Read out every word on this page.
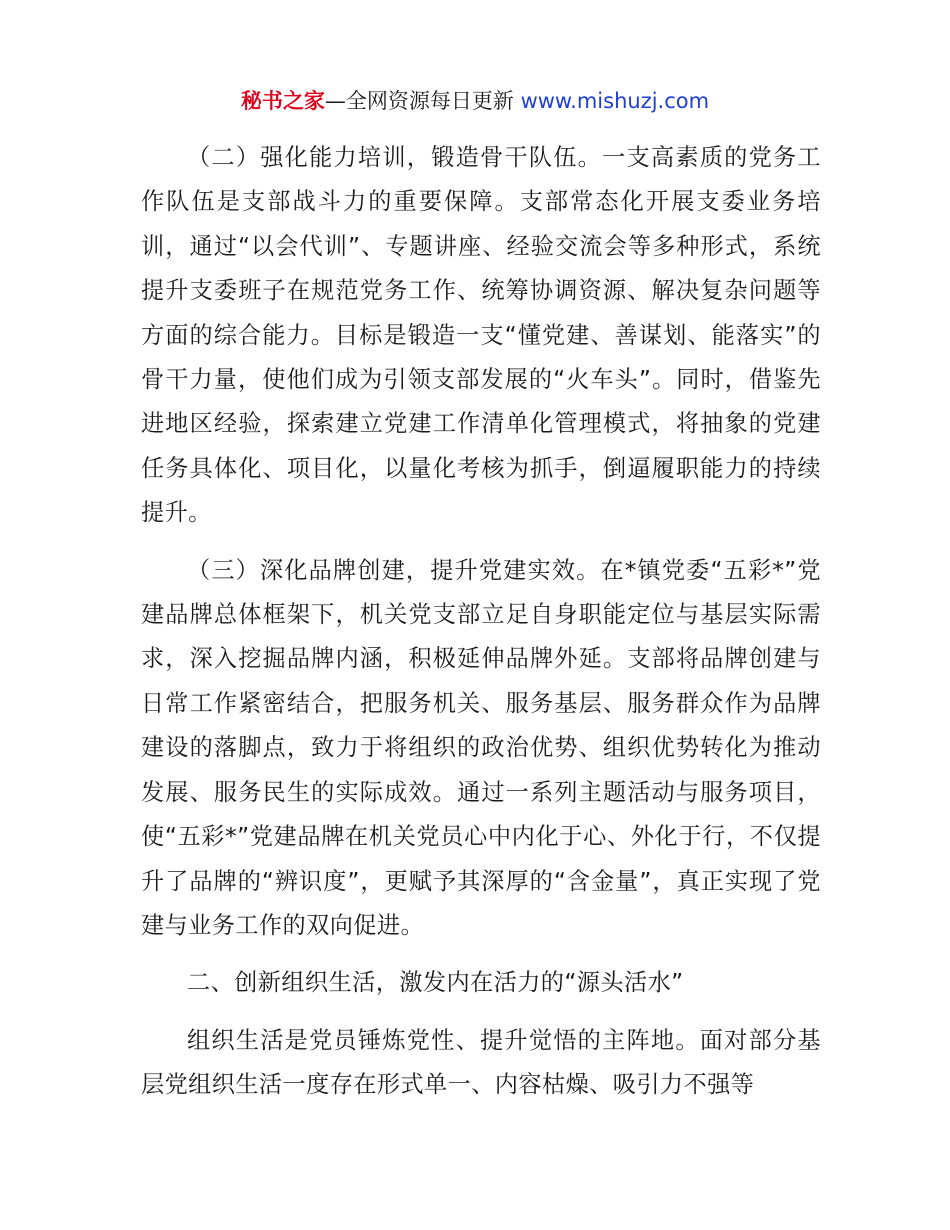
秘书之家—全网资源每日更新 www.mishuzj.com

（二）强化能力培训，锻造骨干队伍。一支高素质的党务工作队伍是支部战斗力的重要保障。支部常态化开展支委业务培训，通过“以会代训”、专题讲座、经验交流会等多种形式，系统提升支委班子在规范党务工作、统筹协调资源、解决复杂问题等方面的综合能力。目标是锻造一支“懂党建、善谋划、能落实”的骨干力量，使他们成为引领支部发展的“火车头”。同时，借鉴先进地区经验，探索建立党建工作清单化管理模式，将抽象的党建任务具体化、项目化，以量化考核为抓手，倒逼履职能力的持续提升。

（三）深化品牌创建，提升党建实效。在*镇党委“五彩*”党建品牌总体框架下，机关党支部立足自身职能定位与基层实际需求，深入挖掘品牌内涵，积极延伸品牌外延。支部将品牌创建与日常工作紧密结合，把服务机关、服务基层、服务群众作为品牌建设的落脚点，致力于将组织的政治优势、组织优势转化为推动发展、服务民生的实际成效。通过一系列主题活动与服务项目，使“五彩*”党建品牌在机关党员心中内化于心、外化于行，不仅提升了品牌的“辨识度”，更赋予其深厚的“含金量”，真正实现了党建与业务工作的双向促进。

二、创新组织生活，激发内在活力的“源头活水”

组织生活是党员锤炼党性、提升觉悟的主阵地。面对部分基层党组织生活一度存在形式单一、内容枯燥、吸引力不强等
